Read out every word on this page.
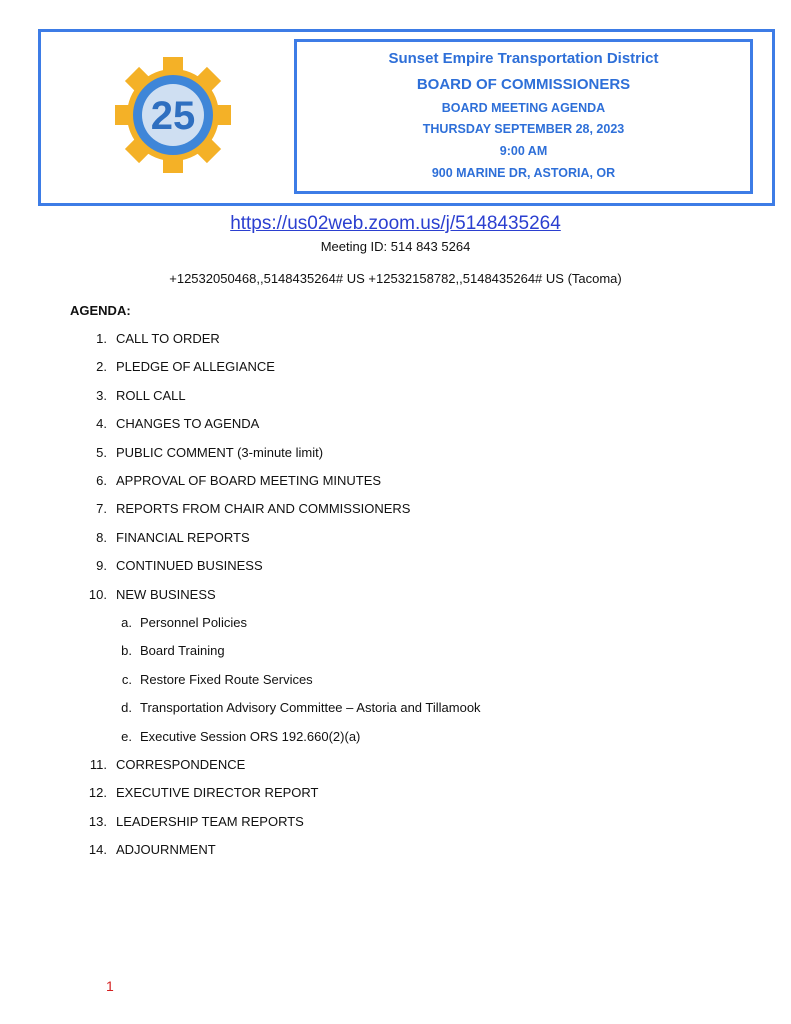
25
Sunset Empire Transportation District
BOARD OF COMMISSIONERS
BOARD MEETING AGENDA
THURSDAY SEPTEMBER 28, 2023
9:00 AM
900 MARINE DR, ASTORIA, OR
https://us02web.zoom.us/j/5148435264
Meeting ID: 514 843 5264
+12532050468,,5148435264# US +12532158782,,5148435264# US (Tacoma)
AGENDA:
1. CALL TO ORDER
2. PLEDGE OF ALLEGIANCE
3. ROLL CALL
4. CHANGES TO AGENDA
5. PUBLIC COMMENT (3-minute limit)
6. APPROVAL OF BOARD MEETING MINUTES
7. REPORTS FROM CHAIR AND COMMISSIONERS
8. FINANCIAL REPORTS
9. CONTINUED BUSINESS
10. NEW BUSINESS
a. Personnel Policies
b. Board Training
c. Restore Fixed Route Services
d. Transportation Advisory Committee – Astoria and Tillamook
e. Executive Session ORS 192.660(2)(a)
11. CORRESPONDENCE
12. EXECUTIVE DIRECTOR REPORT
13. LEADERSHIP TEAM REPORTS
14. ADJOURNMENT
1
